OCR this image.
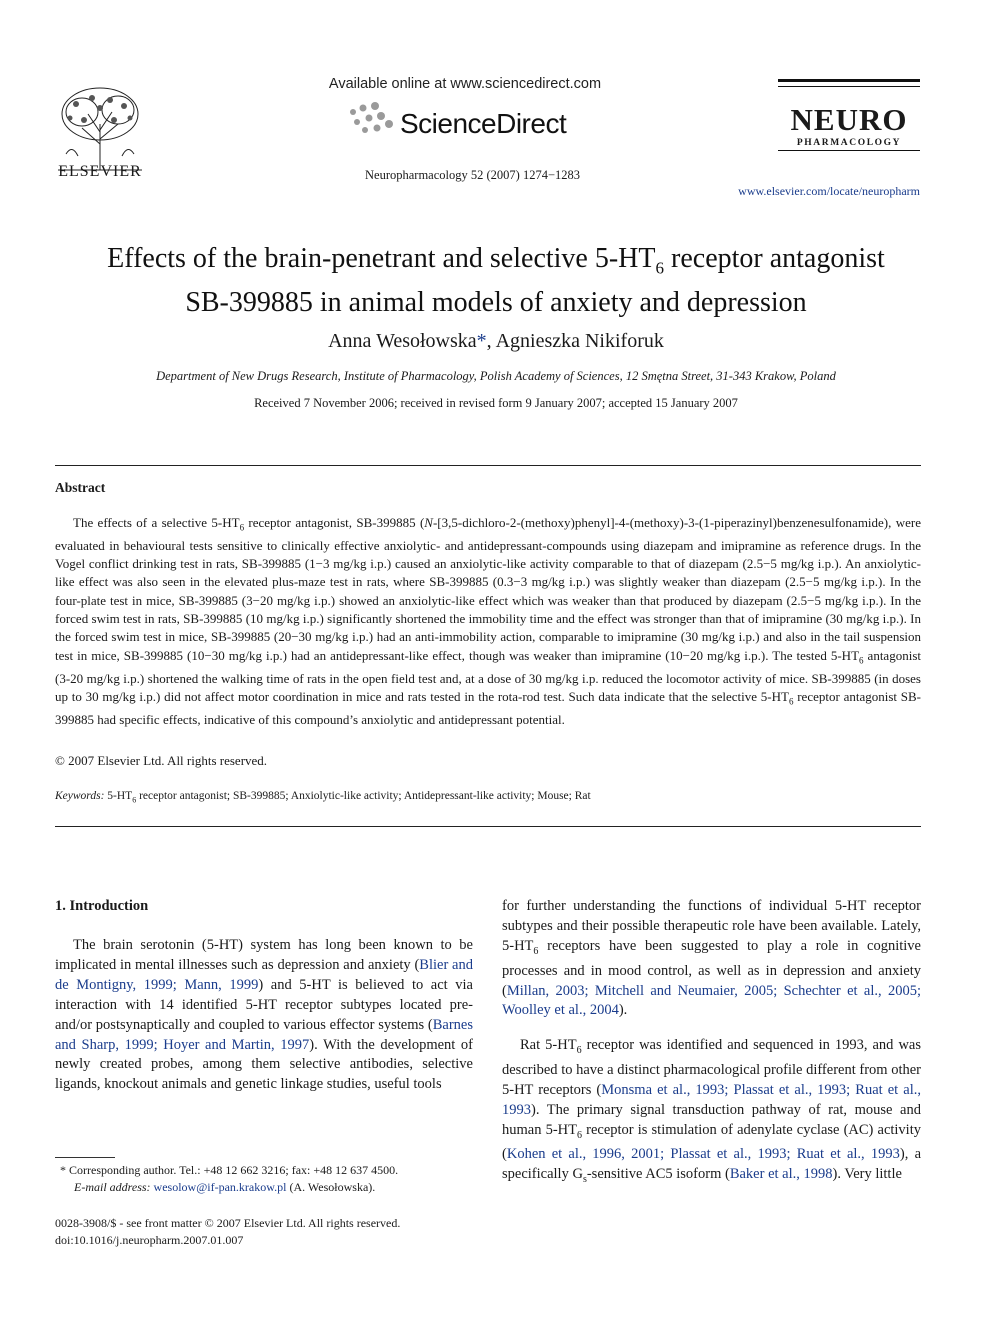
ELSEVIER
Available online at www.sciencedirect.com
ScienceDirect
Neuropharmacology 52 (2007) 1274−1283
NEURO
PHARMACOLOGY
www.elsevier.com/locate/neuropharm
Effects of the brain-penetrant and selective $5-HT_6$ receptor antagonist
SB-399885 in animal models of anxiety and depression
Anna Wesołowska*, Agnieszka Nikiforuk
Department of New Drugs Research, Institute of Pharmacology, Polish Academy of Sciences, 12 Smętna Street, 31-343 Krakow, Poland
Received 7 November 2006; received in revised form 9 January 2007; accepted 15 January 2007
Abstract
The effects of a selective $5-HT_6$ receptor antagonist, SB-399885 (N-[3,5-dichloro-2-(methoxy)phenyl]-4-(methoxy)-3-(1-piperazinyl)benzenesulfonamide), were evaluated in behavioural tests sensitive to clinically effective anxiolytic- and antidepressant-compounds using diazepam and imipramine as reference drugs. In the Vogel conflict drinking test in rats, SB-399885 (1−3 mg/kg i.p.) caused an anxiolytic-like activity comparable to that of diazepam (2.5−5 mg/kg i.p.). An anxiolytic-like effect was also seen in the elevated plus-maze test in rats, where SB-399885 (0.3−3 mg/kg i.p.) was slightly weaker than diazepam (2.5−5 mg/kg i.p.). In the four-plate test in mice, SB-399885 (3−20 mg/kg i.p.) showed an anxiolytic-like effect which was weaker than that produced by diazepam (2.5−5 mg/kg i.p.). In the forced swim test in rats, SB-399885 (10 mg/kg i.p.) significantly shortened the immobility time and the effect was stronger than that of imipramine (30 mg/kg i.p.). In the forced swim test in mice, SB-399885 (20−30 mg/kg i.p.) had an anti-immobility action, comparable to imipramine (30 mg/kg i.p.) and also in the tail suspension test in mice, SB-399885 (10−30 mg/kg i.p.) had an antidepressant-like effect, though was weaker than imipramine (10−20 mg/kg i.p.). The tested $5-HT_6$ antagonist (3-20 mg/kg i.p.) shortened the walking time of rats in the open field test and, at a dose of 30 mg/kg i.p. reduced the locomotor activity of mice. SB-399885 (in doses up to 30 mg/kg i.p.) did not affect motor coordination in mice and rats tested in the rota-rod test. Such data indicate that the selective $5-HT_6$ receptor antagonist SB-399885 had specific effects, indicative of this compound’s anxiolytic and antidepressant potential.
© 2007 Elsevier Ltd. All rights reserved.
Keywords: $5-HT_6$ receptor antagonist; SB-399885; Anxiolytic-like activity; Antidepressant-like activity; Mouse; Rat
1. Introduction
The brain serotonin (5-HT) system has long been known to be implicated in mental illnesses such as depression and anxiety (Blier and de Montigny, 1999; Mann, 1999) and 5-HT is believed to act via interaction with 14 identified 5-HT receptor subtypes located pre- and/or postsynaptically and coupled to various effector systems (Barnes and Sharp, 1999; Hoyer and Martin, 1997). With the development of newly created probes, among them selective antibodies, selective ligands, knockout animals and genetic linkage studies, useful tools
for further understanding the functions of individual 5-HT receptor subtypes and their possible therapeutic role have been available. Lately, $5-HT_6$ receptors have been suggested to play a role in cognitive processes and in mood control, as well as in depression and anxiety (Millan, 2003; Mitchell and Neumaier, 2005; Schechter et al., 2005; Woolley et al., 2004).
Rat $5-HT_6$ receptor was identified and sequenced in 1993, and was described to have a distinct pharmacological profile different from other 5-HT receptors (Monsma et al., 1993; Plassat et al., 1993; Ruat et al., 1993). The primary signal transduction pathway of rat, mouse and human $5-HT_6$ receptor is stimulation of adenylate cyclase (AC) activity (Kohen et al., 1996, 2001; Plassat et al., 1993; Ruat et al., 1993), a specifically $G_s$-sensitive AC5 isoform (Baker et al., 1998). Very little
* Corresponding author. Tel.: +48 12 662 3216; fax: +48 12 637 4500.
E-mail address: wesolow@if-pan.krakow.pl (A. Wesołowska).
0028-3908/$ - see front matter © 2007 Elsevier Ltd. All rights reserved.
doi:10.1016/j.neuropharm.2007.01.007
